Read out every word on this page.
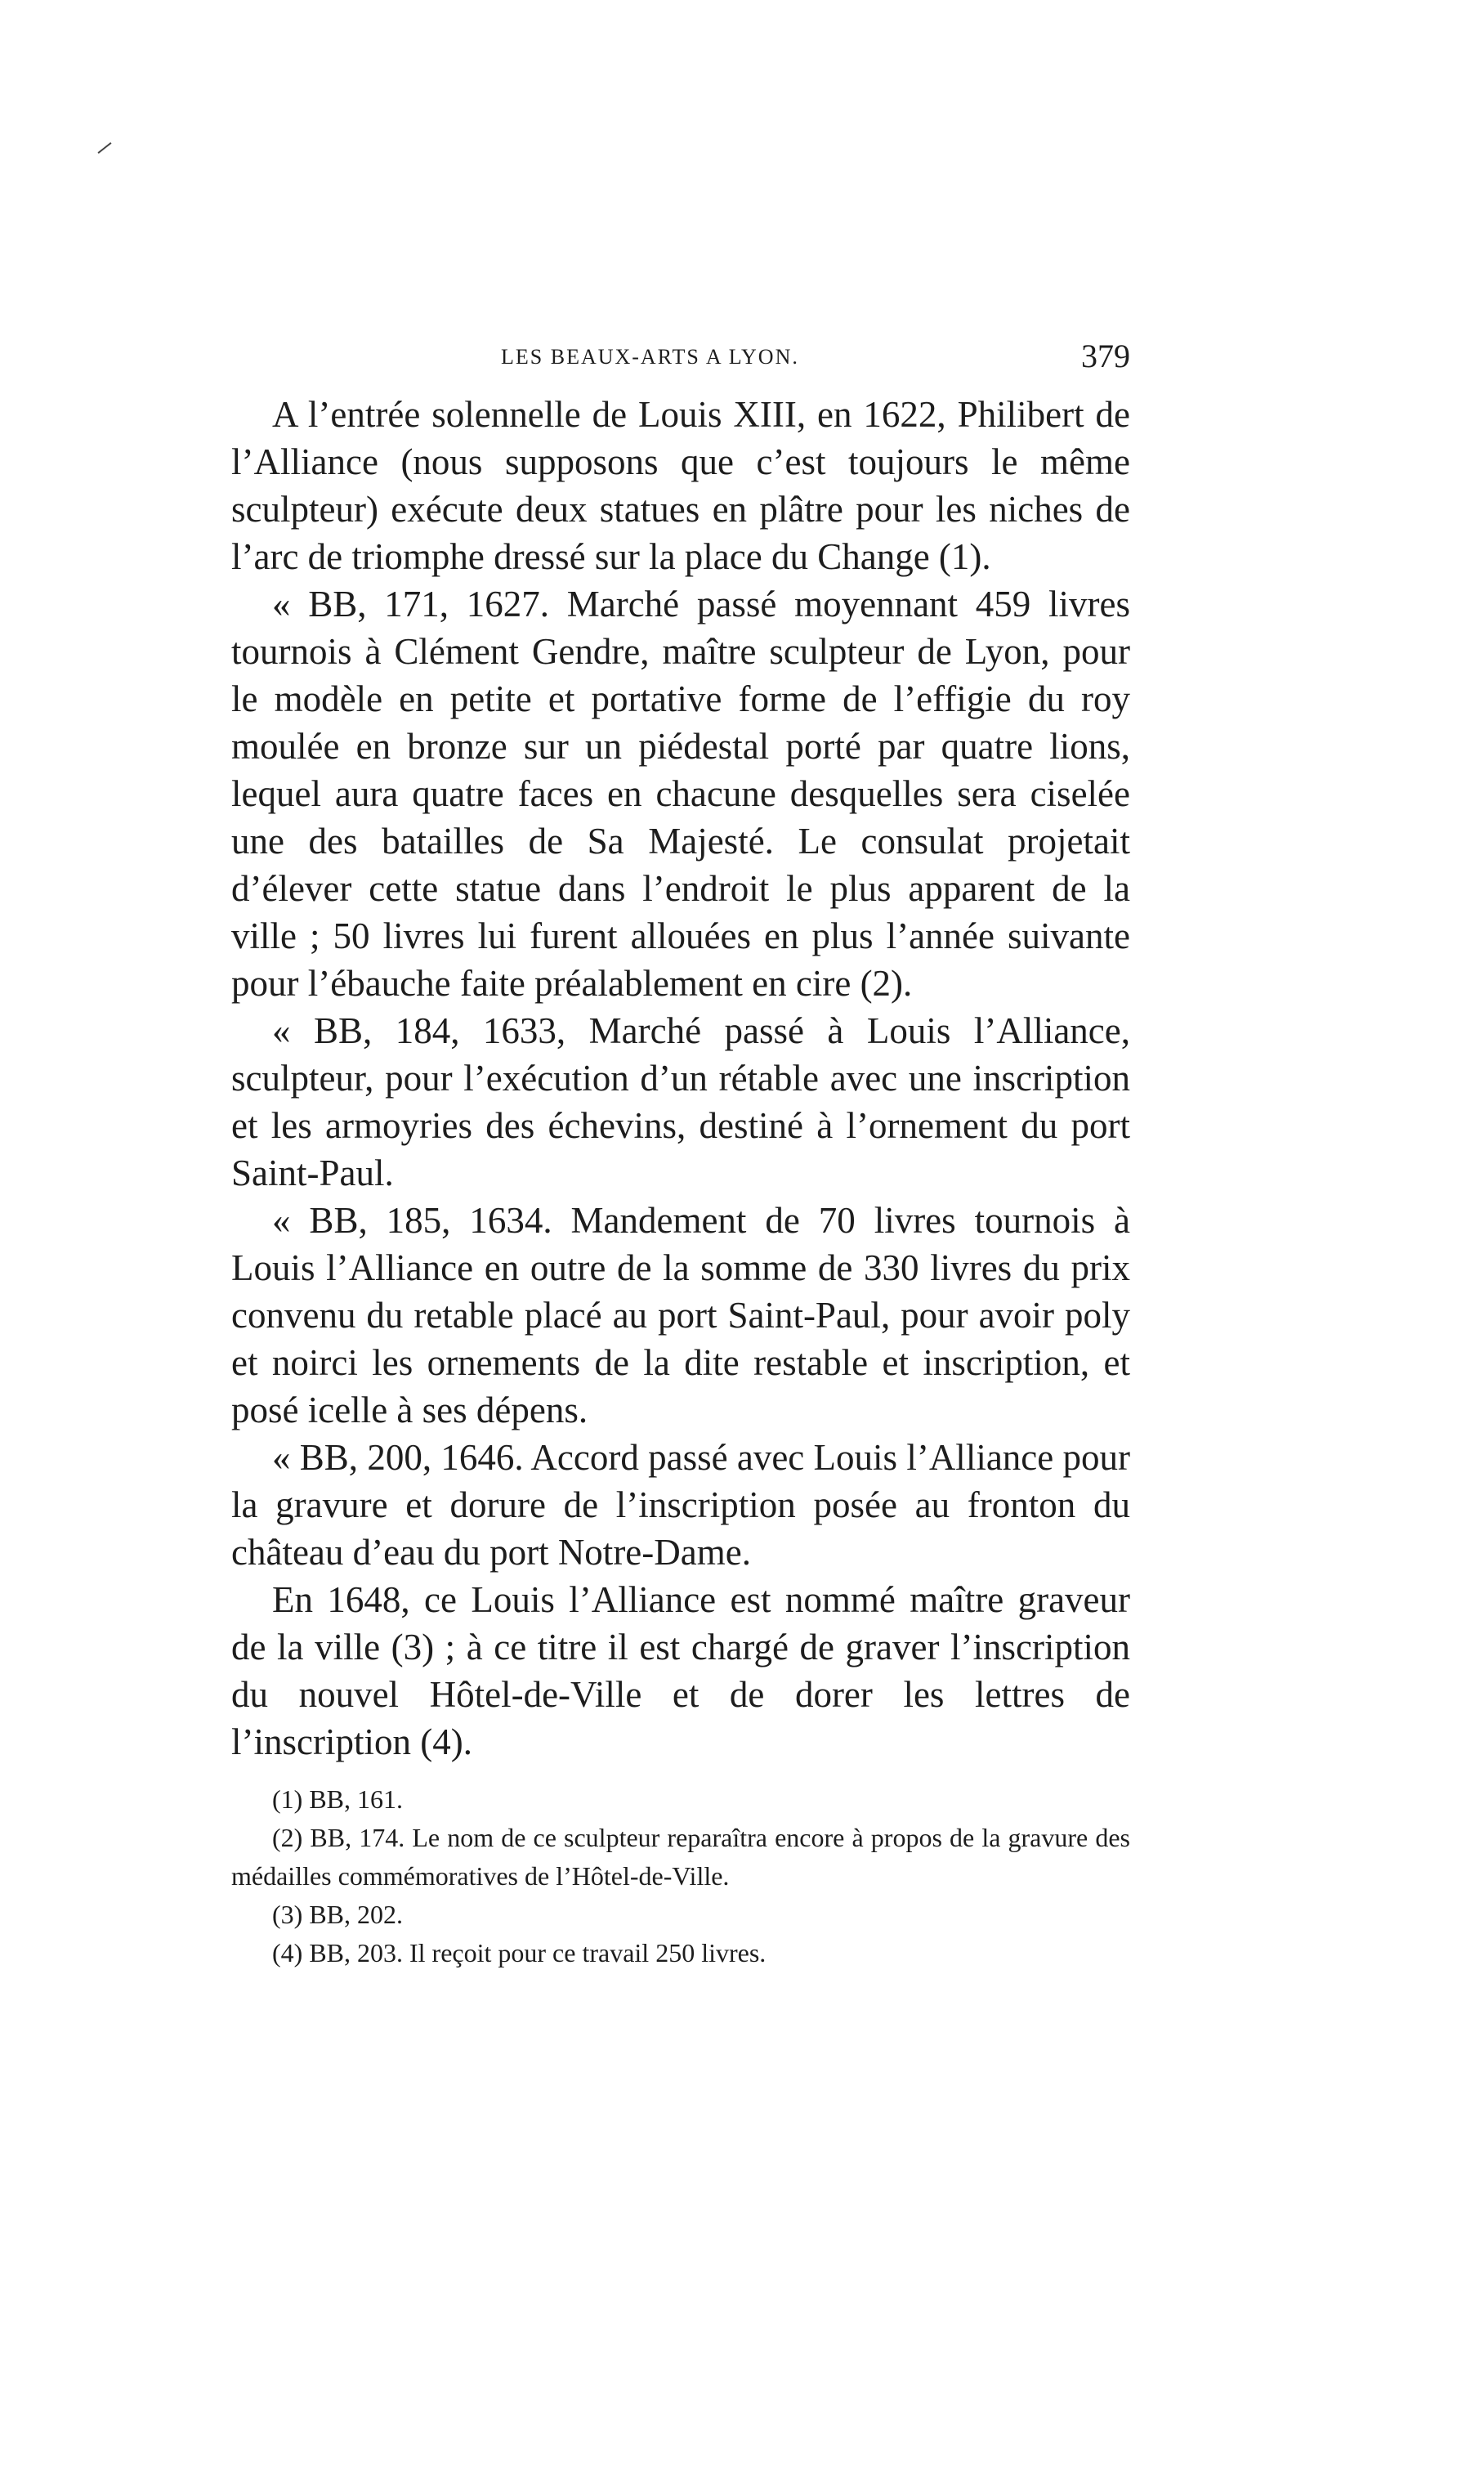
LES BEAUX-ARTS A LYON.	379

A l’entrée solennelle de Louis XIII, en 1622, Philibert de l’Alliance (nous supposons que c’est toujours le même sculpteur) exécute deux statues en plâtre pour les niches de l’arc de triomphe dressé sur la place du Change (1).

« BB, 171, 1627. Marché passé moyennant 459 livres tournois à Clément Gendre, maître sculpteur de Lyon, pour le modèle en petite et portative forme de l’effigie du roy moulée en bronze sur un piédestal porté par quatre lions, lequel aura quatre faces en chacune desquelles sera ciselée une des batailles de Sa Majesté. Le consulat projetait d’élever cette statue dans l’endroit le plus apparent de la ville ; 50 livres lui furent allouées en plus l’année suivante pour l’ébauche faite préalablement en cire (2).

« BB, 184, 1633, Marché passé à Louis l’Alliance, sculpteur, pour l’exécution d’un rétable avec une inscription et les armoyries des échevins, destiné à l’ornement du port Saint-Paul.

« BB, 185, 1634. Mandement de 70 livres tournois à Louis l’Alliance en outre de la somme de 330 livres du prix convenu du retable placé au port Saint-Paul, pour avoir poly et noirci les ornements de la dite restable et inscription, et posé icelle à ses dépens.

« BB, 200, 1646. Accord passé avec Louis l’Alliance pour la gravure et dorure de l’inscription posée au fronton du château d’eau du port Notre-Dame.

En 1648, ce Louis l’Alliance est nommé maître graveur de la ville (3) ; à ce titre il est chargé de graver l’inscription du nouvel Hôtel-de-Ville et de dorer les lettres de l’inscription (4).

(1) BB, 161.

(2) BB, 174. Le nom de ce sculpteur reparaîtra encore à propos de la gravure des médailles commémoratives de l’Hôtel-de-Ville.

(3) BB, 202.

(4) BB, 203. Il reçoit pour ce travail 250 livres.
